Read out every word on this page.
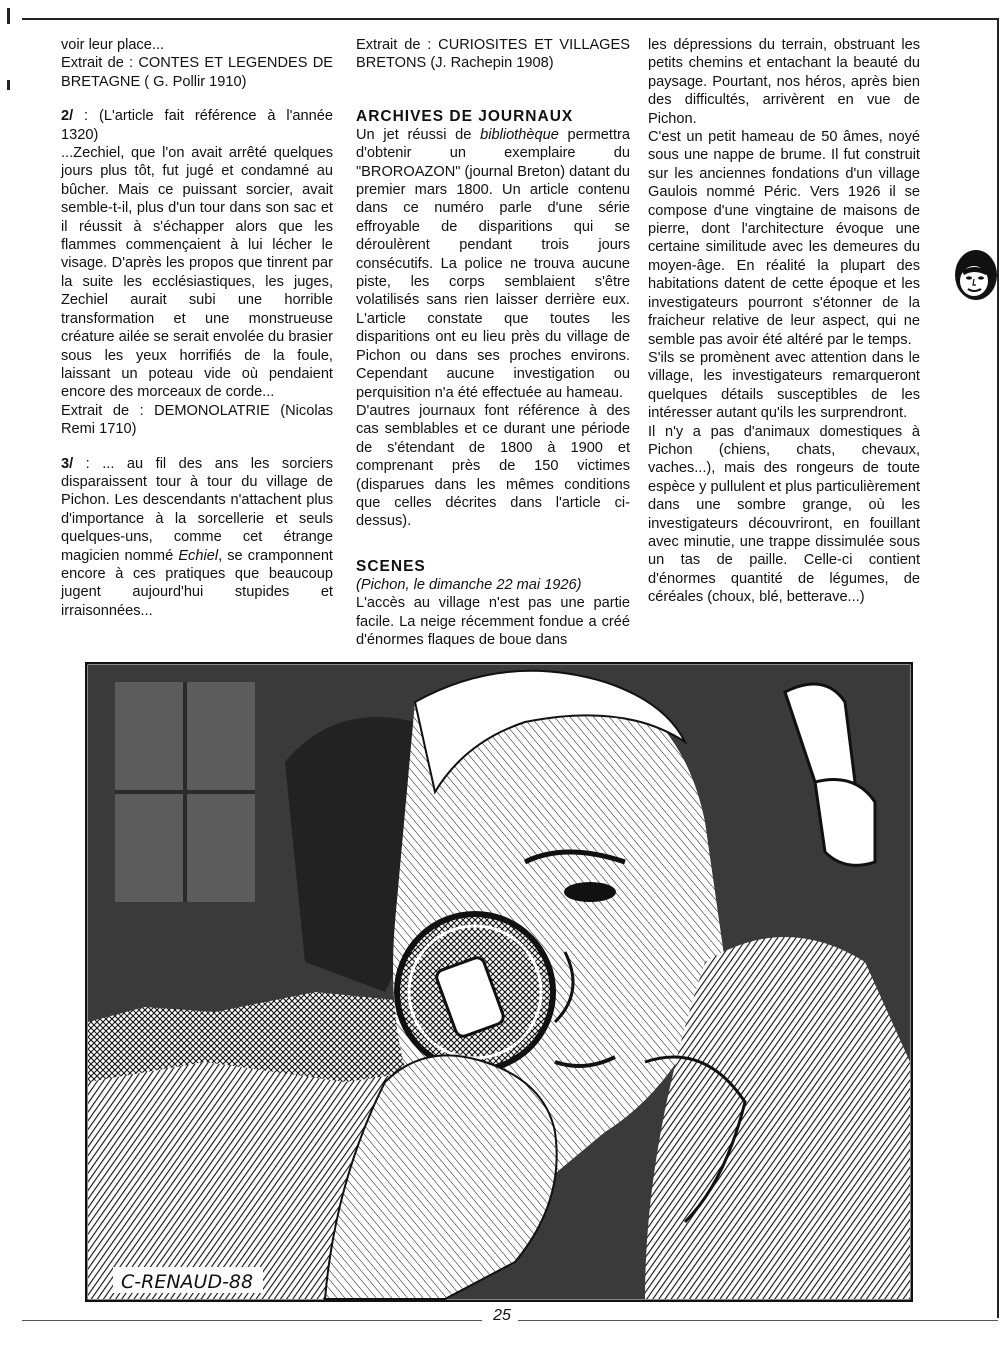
voir leur place...

Extrait de : CONTES ET LEGENDES DE BRETAGNE ( G. Pollir 1910)

2/ : (L'article fait référence à l'année 1320)

...Zechiel, que l'on avait arrêté quelques jours plus tôt, fut jugé et condamné au bûcher. Mais ce puissant sorcier, avait semble-t-il, plus d'un tour dans son sac et il réussit à s'échapper alors que les flammes commençaient à lui lécher le visage. D'après les propos que tinrent par la suite les ecclésiastiques, les juges, Zechiel aurait subi une horrible transformation et une monstrueuse créature ailée se serait envolée du brasier sous les yeux horrifiés de la foule, laissant un poteau vide où pendaient encore des morceaux de corde...

Extrait de : DEMONOLATRIE (Nicolas Remi 1710)

3/ : ... au fil des ans les sorciers disparaissent tour à tour du village de Pichon. Les descendants n'attachent plus d'importance à la sorcellerie et seuls quelques-uns, comme cet étrange magicien nommé Echiel, se cramponnent encore à ces pratiques que beaucoup jugent aujourd'hui stupides et irraisonnées...

Extrait de : CURIOSITES ET VILLAGES BRETONS (J. Rachepin 1908)

ARCHIVES DE JOURNAUX

Un jet réussi de bibliothèque permettra d'obtenir un exemplaire du "BROROAZON" (journal Breton) datant du premier mars 1800. Un article contenu dans ce numéro parle d'une série effroyable de disparitions qui se déroulèrent pendant trois jours consécutifs. La police ne trouva aucune piste, les corps semblaient s'être volatilisés sans rien laisser derrière eux. L'article constate que toutes les disparitions ont eu lieu près du village de Pichon ou dans ses proches environs. Cependant aucune investigation ou perquisition n'a été effectuée au hameau.

D'autres journaux font référence à des cas semblables et ce durant une période de s'étendant de 1800 à 1900 et comprenant près de 150 victimes (disparues dans les mêmes conditions que celles décrites dans l'article ci-dessus).

SCENES

(Pichon, le dimanche 22 mai 1926)

L'accès au village n'est pas une partie facile. La neige récemment fondue a créé d'énormes flaques de boue dans

les dépressions du terrain, obstruant les petits chemins et entachant la beauté du paysage. Pourtant, nos héros, après bien des difficultés, arrivèrent en vue de Pichon.

C'est un petit hameau de 50 âmes, noyé sous une nappe de brume. Il fut construit sur les anciennes fondations d'un village Gaulois nommé Péric. Vers 1926 il se compose d'une vingtaine de maisons de pierre, dont l'architecture évoque une certaine similitude avec les demeures du moyen-âge. En réalité la plupart des habitations datent de cette époque et les investigateurs pourront s'étonner de la fraicheur relative de leur aspect, qui ne semble pas avoir été altéré par le temps.

S'ils se promènent avec attention dans le village, les investigateurs remarqueront quelques détails susceptibles de les intéresser autant qu'ils les surprendront.

Il n'y a pas d'animaux domestiques à Pichon (chiens, chats, chevaux, vaches...), mais des rongeurs de toute espèce y pullulent et plus particulièrement dans une sombre grange, où les investigateurs découvriront, en fouillant avec minutie, une trappe dissimulée sous un tas de paille. Celle-ci contient d'énormes quantité de légumes, de céréales (choux, blé, betterave...)

C-RENAUD-88
25
